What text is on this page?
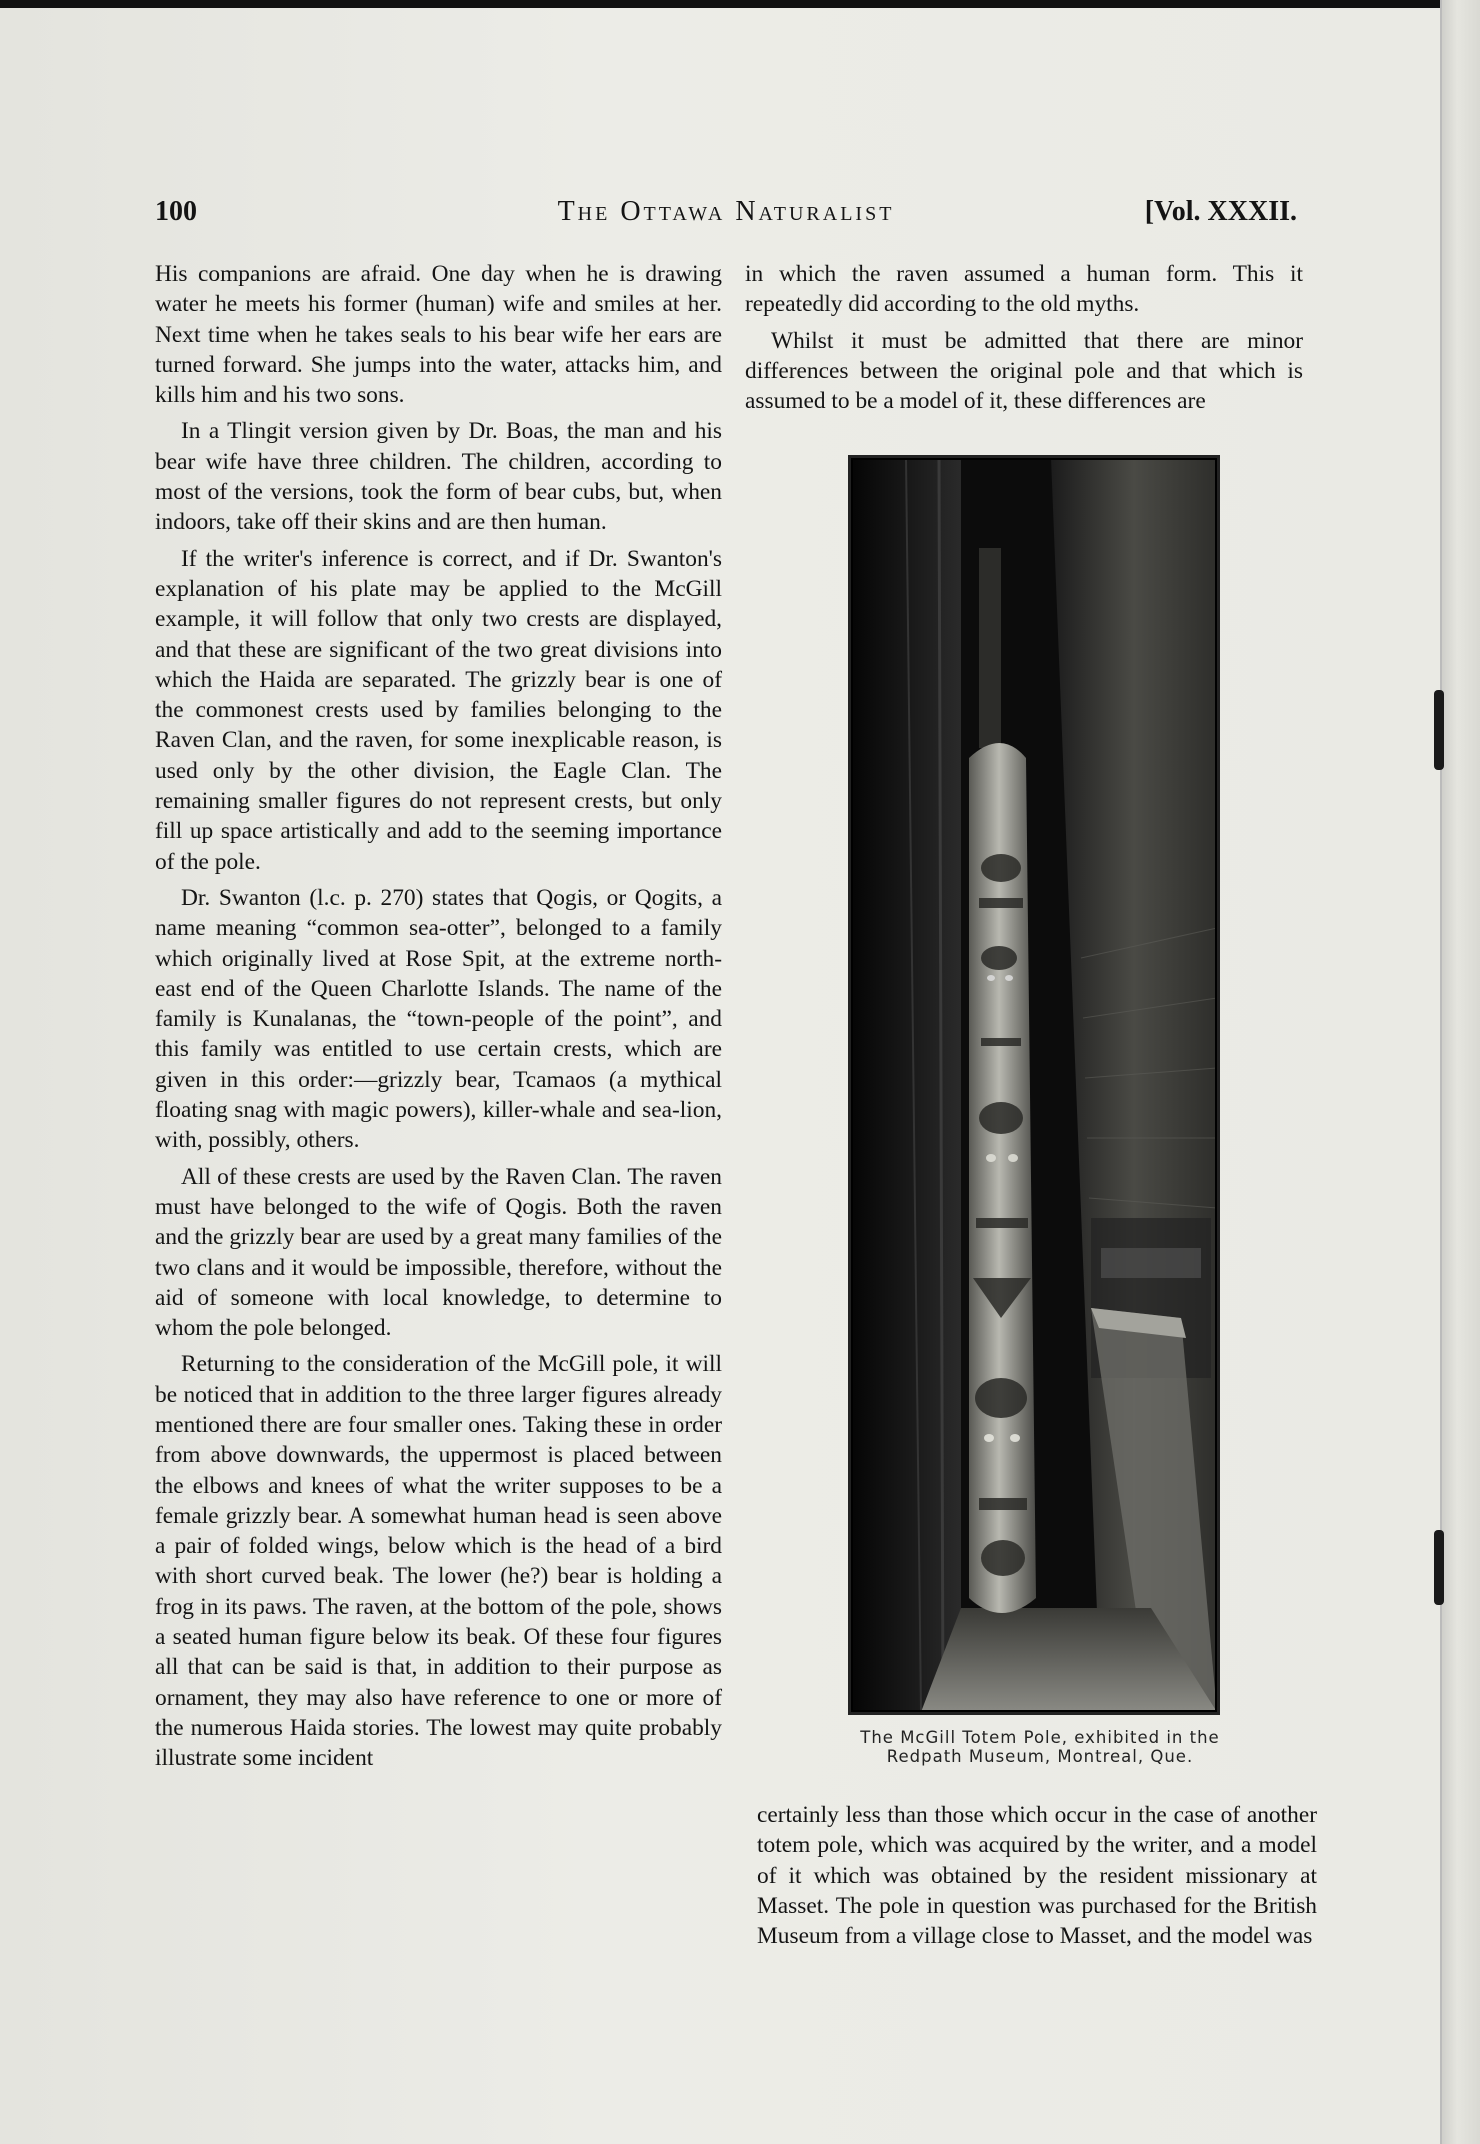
100	The Ottawa Naturalist	[Vol. XXXII.

His companions are afraid. One day when he is drawing water he meets his former (human) wife and smiles at her. Next time when he takes seals to his bear wife her ears are turned forward. She jumps into the water, attacks him, and kills him and his two sons.

In a Tlingit version given by Dr. Boas, the man and his bear wife have three children. The children, according to most of the versions, took the form of bear cubs, but, when indoors, take off their skins and are then human.

If the writer's inference is correct, and if Dr. Swanton's explanation of his plate may be applied to the McGill example, it will follow that only two crests are displayed, and that these are significant of the two great divisions into which the Haida are separated. The grizzly bear is one of the commonest crests used by families belonging to the Raven Clan, and the raven, for some inexplicable reason, is used only by the other division, the Eagle Clan. The remaining smaller figures do not represent crests, but only fill up space artistically and add to the seeming importance of the pole.

Dr. Swanton (l.c. p. 270) states that Qogis, or Qogits, a name meaning “common sea-otter”, belonged to a family which originally lived at Rose Spit, at the extreme north-east end of the Queen Charlotte Islands. The name of the family is Kunalanas, the “town-people of the point”, and this family was entitled to use certain crests, which are given in this order:—grizzly bear, Tcamaos (a mythical floating snag with magic powers), killer-whale and sea-lion, with, possibly, others.

All of these crests are used by the Raven Clan. The raven must have belonged to the wife of Qogis. Both the raven and the grizzly bear are used by a great many families of the two clans and it would be impossible, therefore, without the aid of someone with local knowledge, to determine to whom the pole belonged.

Returning to the consideration of the McGill pole, it will be noticed that in addition to the three larger figures already mentioned there are four smaller ones. Taking these in order from above downwards, the uppermost is placed between the elbows and knees of what the writer supposes to be a female grizzly bear. A somewhat human head is seen above a pair of folded wings, below which is the head of a bird with short curved beak. The lower (he?) bear is holding a frog in its paws. The raven, at the bottom of the pole, shows a seated human figure below its beak. Of these four figures all that can be said is that, in addition to their purpose as ornament, they may also have reference to one or more of the numerous Haida stories. The lowest may quite probably illustrate some incident

in which the raven assumed a human form. This it repeatedly did according to the old myths.

Whilst it must be admitted that there are minor differences between the original pole and that which is assumed to be a model of it, these differences are

The McGill Totem Pole, exhibited in the
Redpath Museum, Montreal, Que.

certainly less than those which occur in the case of another totem pole, which was acquired by the writer, and a model of it which was obtained by the resident missionary at Masset. The pole in question was purchased for the British Museum from a village close to Masset, and the model was
